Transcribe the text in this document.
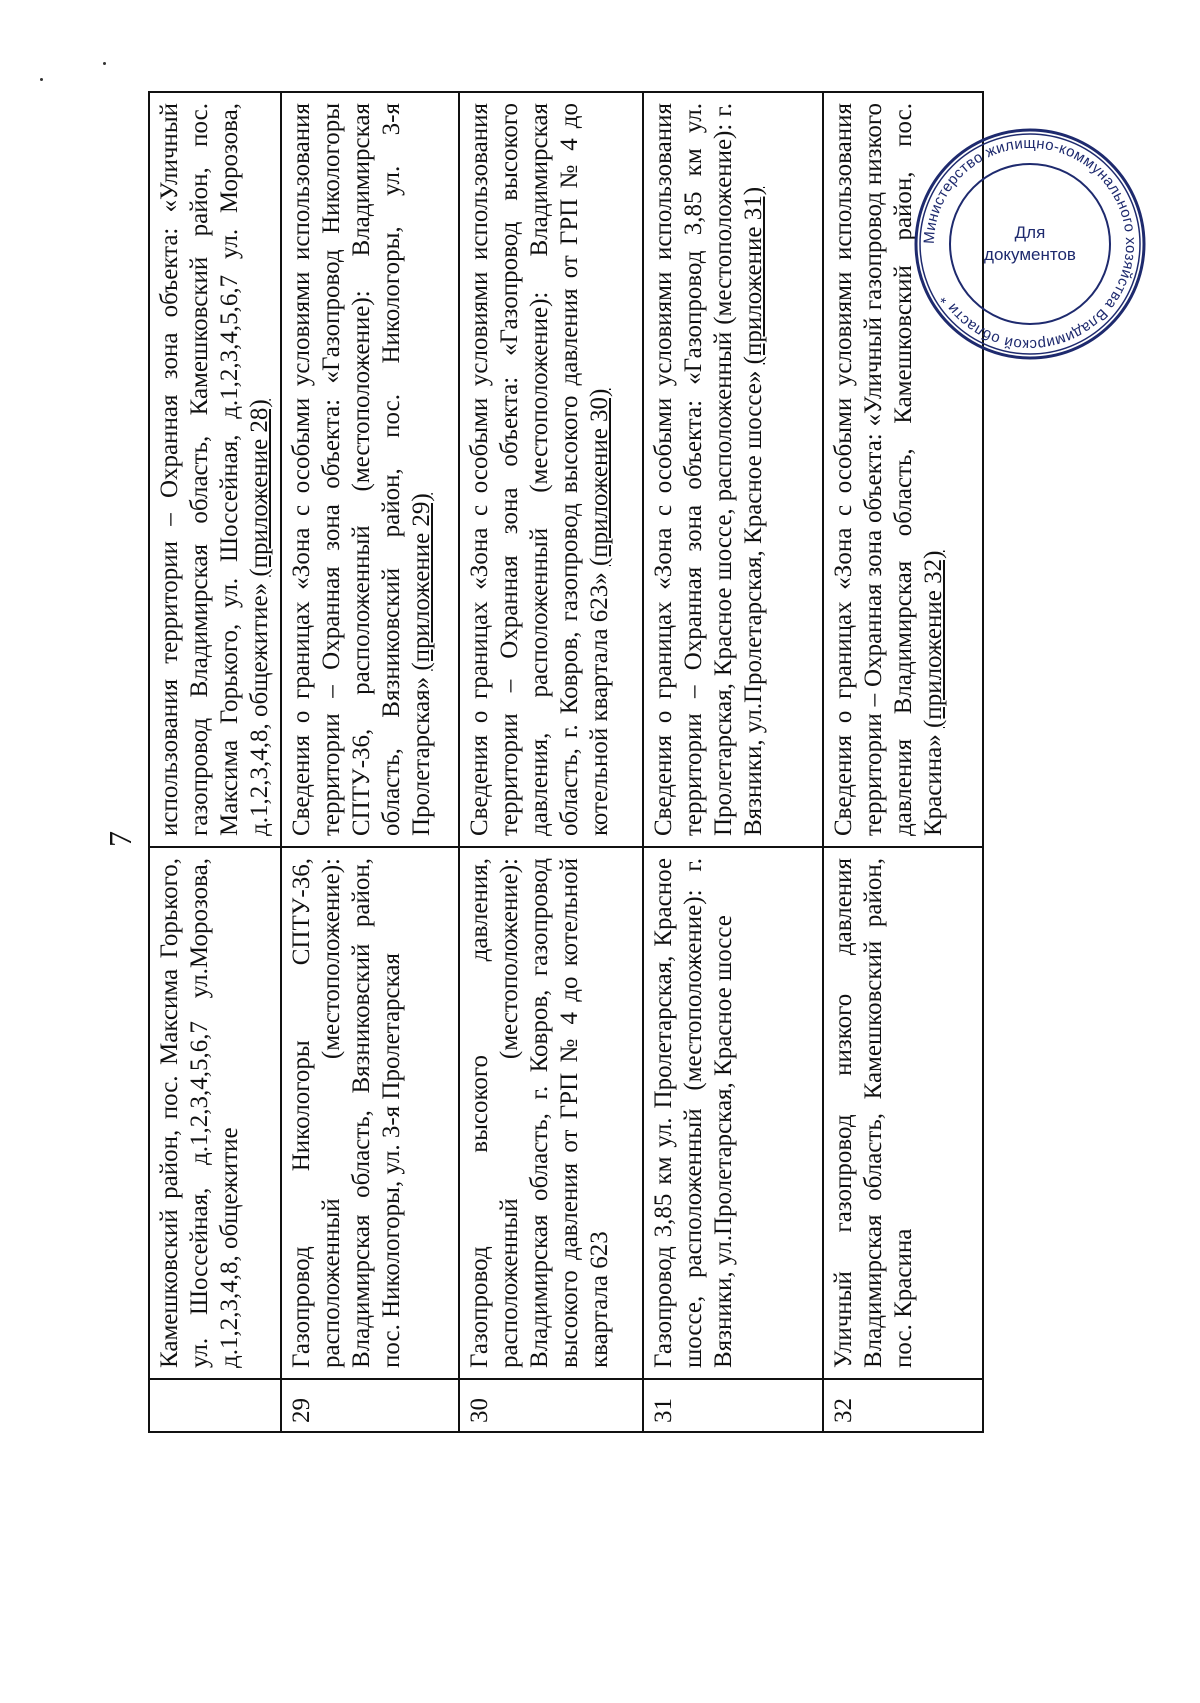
7
	Камешковский район, пос. Максима Горького, ул. Шоссейная, д.1,2,3,4,5,6,7 ул.Морозова, д.1,2,3,4,8, общежитие	использования территории – Охранная зона объекта: «Уличный газопровод Владимирская область, Камешковский район, пос. Максима Горького, ул. Шоссейная, д.1,2,3,4,5,6,7 ул. Морозова, д.1,2,3,4,8, общежитие» (приложение 28)
29	Газопровод Никологоры СПТУ-36, расположенный (местоположение): Владимирская область, Вязниковский район, пос. Никологоры, ул. 3-я Пролетарская	Сведения о границах «Зона с особыми условиями использования территории – Охранная зона объекта: «Газопровод Никологоры СПТУ-36, расположенный (местоположение): Владимирская область, Вязниковский район, пос. Никологоры, ул. 3-я Пролетарская» (приложение 29)
30	Газопровод высокого давления, расположенный (местоположение): Владимирская область, г. Ковров, газопровод высокого давления от ГРП № 4 до котельной квартала 623	Сведения о границах «Зона с особыми условиями использования территории – Охранная зона объекта: «Газопровод высокого давления, расположенный (местоположение): Владимирская область, г. Ковров, газопровод высокого давления от ГРП № 4 до котельной квартала 623» (приложение 30)
31	Газопровод 3,85 км ул. Пролетарская, Красное шоссе, расположенный (местоположение): г. Вязники, ул.Пролетарская, Красное шоссе	Сведения о границах «Зона с особыми условиями использования территории – Охранная зона объекта: «Газопровод 3,85 км ул. Пролетарская, Красное шоссе, расположенный (местоположение): г. Вязники, ул.Пролетарская, Красное шоссе» (приложение 31)
32	Уличный газопровод низкого давления Владимирская область, Камешковский район, пос. Красина	Сведения о границах «Зона с особыми условиями использования территории – Охранная зона объекта: «Уличный газопровод низкого давления Владимирская область, Камешковский район, пос. Красина» (приложение 32)
Министерство жилищно-коммунального хозяйства Владимирской области *
Для
документов
